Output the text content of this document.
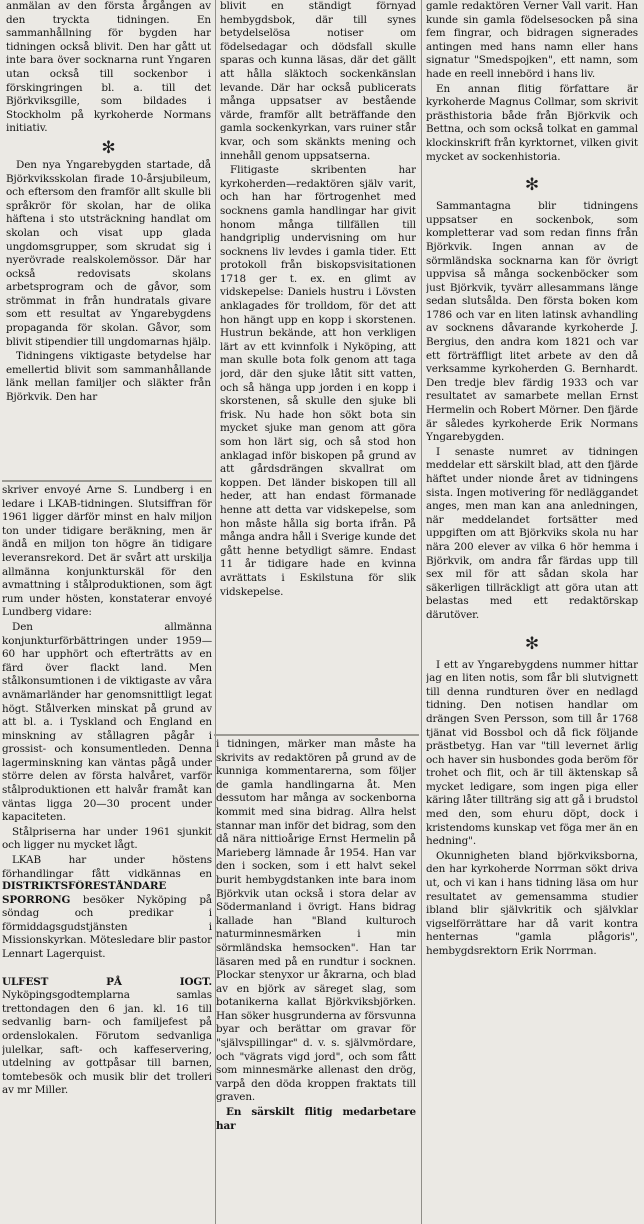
anmälan av den första årgången av den tryckta tidningen. En sammanhållning för bygden har tidningen också blivit. Den har gått ut inte bara över socknarna runt Yngaren utan också till sockenbor i förskingringen bl. a. till det Björkviksgille, som bildades i Stockholm på kyrkoherde Normans initiativ.

✻

Den nya Yngarebygden startade, då Björkviksskolan firade 10-årsjubileum, och eftersom den framför allt skulle bli språkrör för skolan, har de olika häftena i sto utsträckning handlat om skolan och visat upp glada ungdomsgrupper, som skrudat sig i nyerövrade realskolemössor. Där har också redovisats skolans arbetsprogram och de gåvor, som strömmat in från hundratals givare som ett resultat av Yngarebygdens propaganda för skolan. Gåvor, som blivit stipendier till ungdomarnas hjälp.

Tidningens viktigaste betydelse har emellertid blivit som sammanhållande länk mellan familjer och släkter från Björkvik. Den har

skriver envoyé Arne S. Lundberg i en ledare i LKAB-tidningen. Slutsiffran för 1961 ligger därför minst en halv miljon ton under tidigare beräkning, men är ändå en miljon ton högre än tidigare leveransrekord. Det är svårt att urskilja allmänna konjunkturskäl för den avmattning i stålproduktionen, som ägt rum under hösten, konstaterar envoyé Lundberg vidare:

Den allmänna konjunkturförbättringen under 1959—60 har upphört och efterträtts av en färd över flackt land. Men stålkonsumtionen i de viktigaste av våra avnämarländer har genomsnittligt legat högt. Stålverken minskat på grund av att bl. a. i Tyskland och England en minskning av stållagren pågår i grossist- och konsumentleden. Denna lagerminskning kan väntas pågå under större delen av första halvåret, varför stålproduktionen ett halvår framåt kan väntas ligga 20—30 procent under kapaciteten.

Stålpriserna har under 1961 sjunkit och ligger nu mycket lågt.

LKAB har under höstens förhandlingar fått vidkännas en

DISTRIKTSFÖRESTÅNDARE SPORRONG besöker Nyköping på söndag och predikar i förmiddagsgudstjänsten i Missionskyrkan. Mötesledare blir pastor Lennart Lagerquist.

ULFEST PÅ IOGT. Nyköpingsgodtemplarna samlas trettondagen den 6 jan. kl. 16 till sedvanlig barn- och familjefest på ordenslokalen. Förutom sedvanliga julelkar, saft- och kaffeservering, utdelning av gottpåsar till barnen, tomtebesök och musik blir det trolleri av mr Miller.

blivit en ständigt förnyad hembygdsbok, där till synes betydelselösa notiser om födelsedagar och dödsfall skulle sparas och kunna läsas, där det gällt att hålla släktoch sockenkänslan levande. Där har också publicerats många uppsatser av bestående värde, framför allt beträffande den gamla sockenkyrkan, vars ruiner står kvar, och som skänkts mening och innehåll genom uppsatserna.

Flitigaste skribenten har kyrkoherden—redaktören själv varit, och han har förtrogenhet med socknens gamla handlingar har givit honom många tillfällen till handgriplig undervisning om hur socknens liv levdes i gamla tider. Ett protokoll från biskopsvisitationen 1718 ger t. ex. en glimt av vidskepelse: Daniels hustru i Lövsten anklagades för trolldom, för det att hon hängt upp en kopp i skorstenen. Hustrun bekände, att hon verkligen lärt av ett kvinnfolk i Nyköping, att man skulle bota folk genom att taga jord, där den sjuke låtit sitt vatten, och så hänga upp jorden i en kopp i skorstenen, så skulle den sjuke bli frisk. Nu hade hon sökt bota sin mycket sjuke man genom att göra som hon lärt sig, och så stod hon anklagad inför biskopen på grund av att gårdsdrängen skvallrat om koppen. Det länder biskopen till all heder, att han endast förmanade henne att detta var vidskepelse, som hon måste hålla sig borta ifrån. På många andra håll i Sverige kunde det gått henne betydligt sämre. Endast 11 år tidigare hade en kvinna avrättats i Eskilstuna för slik vidskepelse.

i tidningen, märker man måste ha skrivits av redaktören på grund av de kunniga kommentarerna, som följer de gamla handlingarna åt. Men dessutom har många av sockenborna kommit med sina bidrag. Allra helst stannar man inför det bidrag, som den då nära nittioårige Ernst Hermelin på Marieberg lämnade år 1954. Han var den i socken, som i ett halvt sekel burit hembygdstanken inte bara inom Björkvik utan också i stora delar av Södermanland i övrigt. Hans bidrag kallade han "Bland kulturoch naturminnesmärken i min sörmländska hemsocken". Han tar läsaren med på en rundtur i socknen. Plockar stenyxor ur åkrarna, och blad av en björk av säreget slag, som botanikerna kallat Björkviksbjörken. Han söker husgrunderna av försvunna byar och berättar om gravar för "självspillingar" d. v. s. självmördare, och "vägrats vigd jord", och som fått som minnesmärke allenast den drög, varpå den döda kroppen fraktats till graven.

En särskilt flitig medarbetare har

gamle redaktören Verner Vall varit. Han kunde sin gamla födelsesocken på sina fem fingrar, och bidragen signerades antingen med hans namn eller hans signatur "Smedspojken", ett namn, som hade en reell innebörd i hans liv.

En annan flitig författare är kyrkoherde Magnus Collmar, som skrivit prästhistoria både från Björkvik och Bettna, och som också tolkat en gammal klockinskrift från kyrktornet, vilken givit mycket av sockenhistoria.

✻

Sammantagna blir tidningens uppsatser en sockenbok, som kompletterar vad som redan finns från Björkvik. Ingen annan av de sörmländska socknarna kan för övrigt uppvisa så många sockenböcker som just Björkvik, tyvärr allesammans länge sedan slutsålda. Den första boken kom 1786 och var en liten latinsk avhandling av socknens dåvarande kyrkoherde J. Bergius, den andra kom 1821 och var ett förträffligt litet arbete av den då verksamme kyrkoherden G. Bernhardt. Den tredje blev färdig 1933 och var resultatet av samarbete mellan Ernst Hermelin och Robert Mörner. Den fjärde är således kyrkoherde Erik Normans Yngarebygden.

I senaste numret av tidningen meddelar ett särskilt blad, att den fjärde häftet under nionde året av tidningens sista. Ingen motivering för nedläggandet anges, men man kan ana anledningen, när meddelandet fortsätter med uppgiften om att Björkviks skola nu har nära 200 elever av vilka 6 hör hemma i Björkvik, om andra får färdas upp till sex mil för att sådan skola har säkerligen tillräckligt att göra utan att belastas med ett redaktörskap därutöver.

✻

I ett av Yngarebygdens nummer hittar jag en liten notis, som får bli slutvignett till denna rundturen över en nedlagd tidning. Den notisen handlar om drängen Sven Persson, som till år 1768 tjänat vid Bossbol och då fick följande prästbetyg. Han var "till levernet ärlig och haver sin husbondes goda beröm för trohet och flit, och är till äktenskap så mycket ledigare, som ingen piga eller käring låter tillträng sig att gå i brudstol med den, som ehuru döpt, dock i kristendoms kunskap vet föga mer än en hedning".

Okunnigheten bland björkviksborna, den har kyrkoherde Norrman sökt driva ut, och vi kan i hans tidning läsa om hur resultatet av gemensamma studier ibland blir självkritik och självklar vigselförrättare har då varit kontra henternas "gamla plågoris", hembygdsrektorn Erik Norrman.
